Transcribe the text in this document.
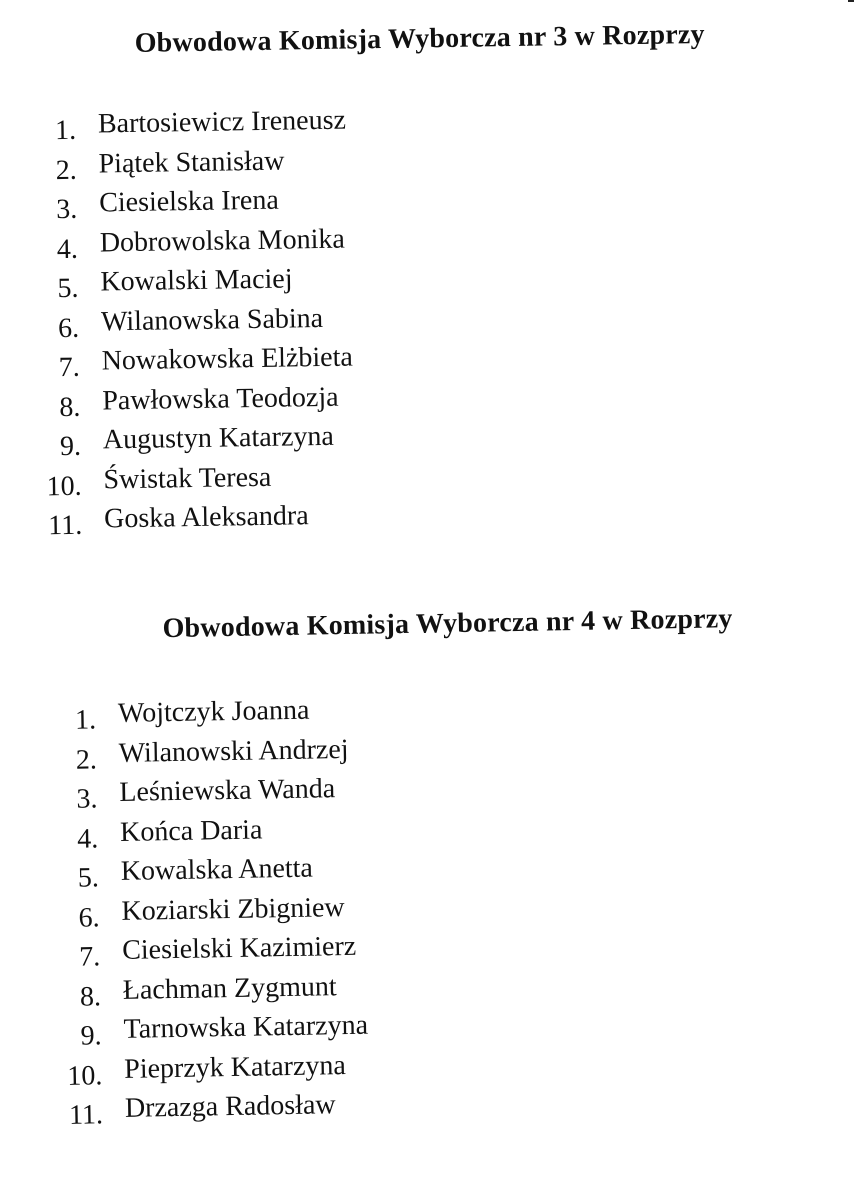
Obwodowa Komisja Wyborcza nr 3 w Rozprzy
1. Bartosiewicz Ireneusz
2. Piątek Stanisław
3. Ciesielska Irena
4. Dobrowolska Monika
5. Kowalski Maciej
6. Wilanowska Sabina
7. Nowakowska Elżbieta
8. Pawłowska Teodozja
9. Augustyn Katarzyna
10. Świstak Teresa
11. Goska Aleksandra
Obwodowa Komisja Wyborcza nr 4 w Rozprzy
1. Wojtczyk Joanna
2. Wilanowski Andrzej
3. Leśniewska Wanda
4. Końca Daria
5. Kowalska Anetta
6. Koziarski Zbigniew
7. Ciesielski Kazimierz
8. Łachman Zygmunt
9. Tarnowska Katarzyna
10. Pieprzyk Katarzyna
11. Drzazga Radosław
